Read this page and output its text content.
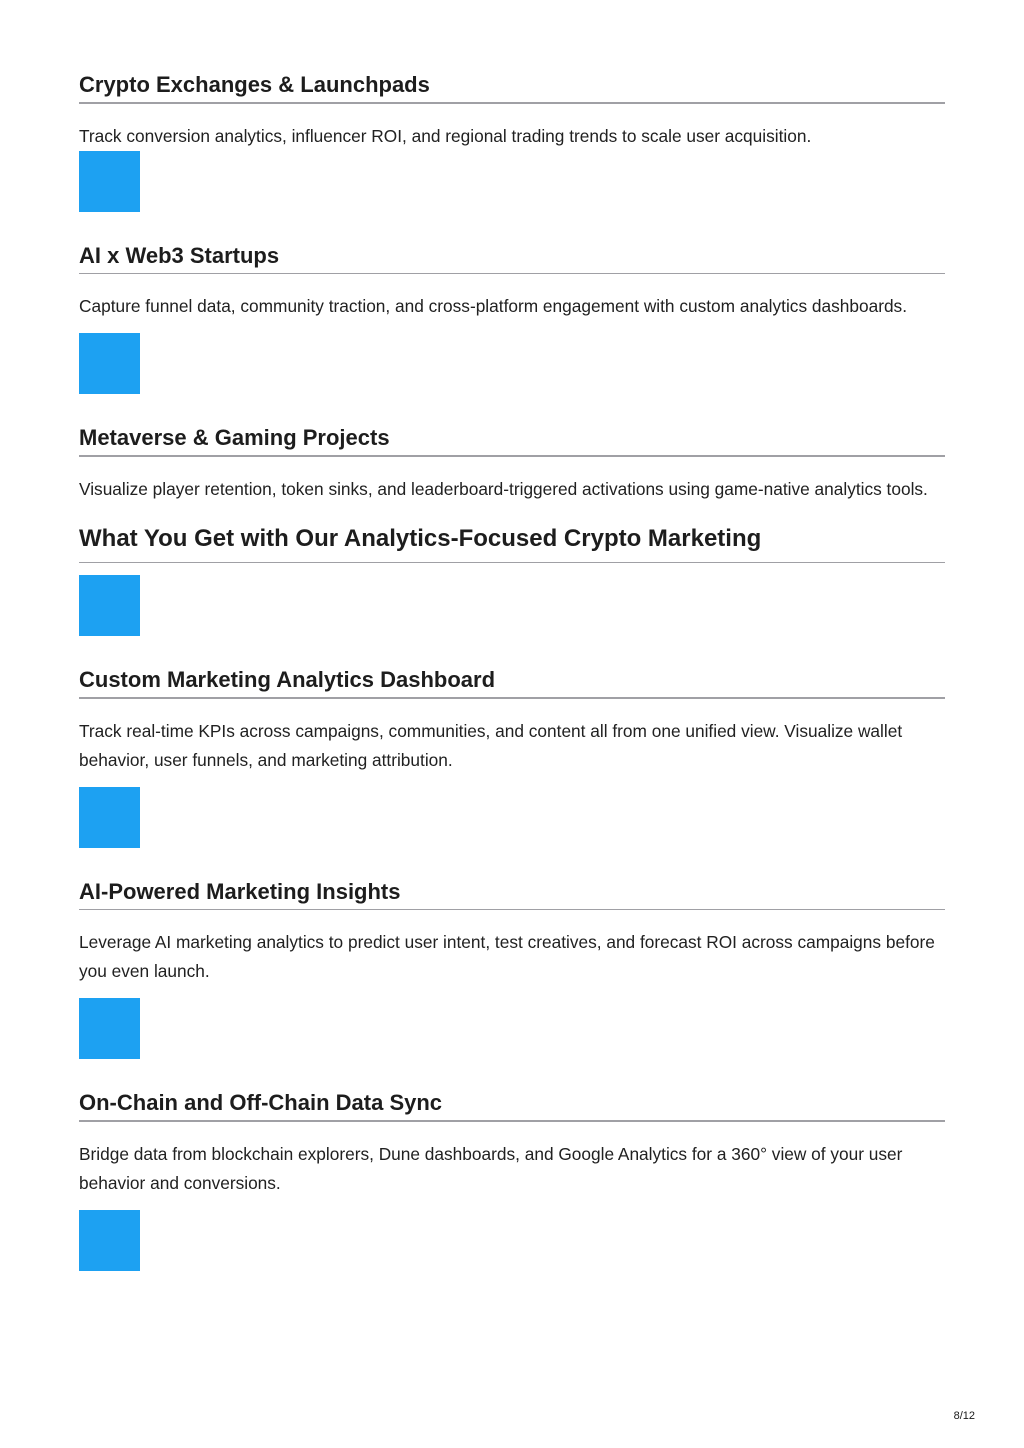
Crypto Exchanges & Launchpads

Track conversion analytics, influencer ROI, and regional trading trends to scale user acquisition.

AI x Web3 Startups

Capture funnel data, community traction, and cross-platform engagement with custom analytics dashboards.

Metaverse & Gaming Projects

Visualize player retention, token sinks, and leaderboard-triggered activations using game-native analytics tools.

What You Get with Our Analytics-Focused Crypto Marketing
Custom Marketing Analytics Dashboard

Track real-time KPIs across campaigns, communities, and content all from one unified view. Visualize wallet behavior, user funnels, and marketing attribution.

AI-Powered Marketing Insights

Leverage AI marketing analytics to predict user intent, test creatives, and forecast ROI across campaigns before you even launch.

On-Chain and Off-Chain Data Sync

Bridge data from blockchain explorers, Dune dashboards, and Google Analytics for a 360° view of your user behavior and conversions.

8/12
